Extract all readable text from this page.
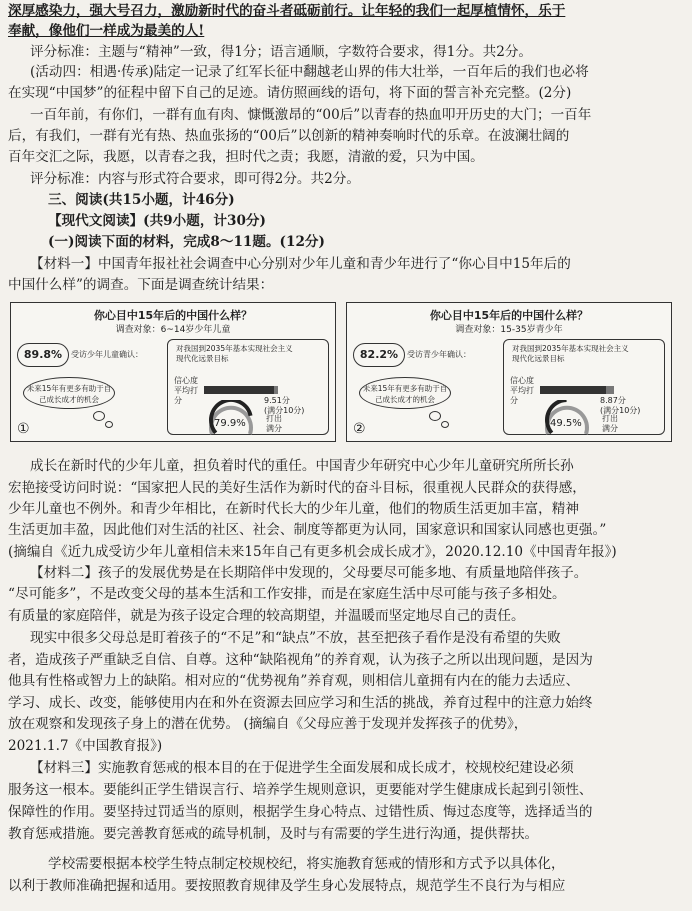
深厚感染力，强大号召力，激励新时代的奋斗者砥砺前行。让年轻的我们一起厚植情怀，乐于
奉献，像他们一样成为最美的人!
评分标准：主题与“精神”一致，得1分；语言通顺，字数符合要求，得1分。共2分。
(活动四：相遇·传承)陆定一记录了红军长征中翻越老山界的伟大壮举，一百年后的我们也必将
在实现“中国梦”的征程中留下自己的足迹。请仿照画线的语句，将下面的誓言补充完整。(2分)
一百年前，有你们，一群有血有肉、慷慨激昂的“00后”以青春的热血叩开历史的大门；一百年
后，有我们，一群有光有热、热血张扬的“00后”以创新的精神奏响时代的乐章。在波澜壮阔的
百年交汇之际，我愿，以青春之我，担时代之责；我愿，清澈的爱，只为中国。
评分标准：内容与形式符合要求，即可得2分。共2分。
三、阅读(共15小题，计46分)
【现代文阅读】(共9小题，计30分)
(一)阅读下面的材料，完成8～11题。(12分)
【材料一】中国青年报社社会调查中心分别对少年儿童和青少年进行了“你心目中15年后的
中国什么样”的调查。下面是调查统计结果：
你心目中15年后的中国什么样？
调查对象：6~14岁少年儿童
89.8%	受访少年儿童确认：
未来15年有更多有助于自己成长成才的机会
①
对我国到2035年基本实现社会主义现代化远景目标
信心度平均打分	9.51分
(满分10分)
79.9%	打出满分
你心目中15年后的中国什么样？
调查对象：15-35岁青少年
82.2%	受访青少年确认：
未来15年有更多有助于自己成长成才的机会
②
对我国到2035年基本实现社会主义现代化远景目标
信心度平均打分	8.87分
(满分10分)
49.5%	打出满分
成长在新时代的少年儿童，担负着时代的重任。中国青少年研究中心少年儿童研究所所长孙
宏艳接受访问时说：“国家把人民的美好生活作为新时代的奋斗目标，很重视人民群众的获得感，
少年儿童也不例外。和青少年相比，在新时代长大的少年儿童，他们的物质生活更加丰富，精神
生活更加丰盈，因此他们对生活的社区、社会、制度等都更为认同，国家意识和国家认同感也更强。”
(摘编自《近九成受访少年儿童相信未来15年自己有更多机会成长成才》，2020.12.10《中国青年报》)
【材料二】孩子的发展优势是在长期陪伴中发现的，父母要尽可能多地、有质量地陪伴孩子。
“尽可能多”，不是改变父母的基本生活和工作安排，而是在家庭生活中尽可能与孩子多相处。
有质量的家庭陪伴，就是为孩子设定合理的较高期望，并温暖而坚定地尽自己的责任。
现实中很多父母总是盯着孩子的“不足”和“缺点”不放，甚至把孩子看作是没有希望的失败
者，造成孩子严重缺乏自信、自尊。这种“缺陷视角”的养育观，认为孩子之所以出现问题，是因为
他具有性格或智力上的缺陷。相对应的“优势视角”养育观，则相信儿童拥有内在的能力去适应、
学习、成长、改变，能够使用内在和外在资源去回应学习和生活的挑战，养育过程中的注意力始终
放在观察和发现孩子身上的潜在优势。 (摘编自《父母应善于发现并发挥孩子的优势》，
2021.1.7《中国教育报》)
【材料三】实施教育惩戒的根本目的在于促进学生全面发展和成长成才，校规校纪建设必须
服务这一根本。要能纠正学生错误言行、培养学生规则意识，更要能对学生健康成长起到引领性、
保障性的作用。要坚持过罚适当的原则，根据学生身心特点、过错性质、悔过态度等，选择适当的
教育惩戒措施。要完善教育惩戒的疏导机制，及时与有需要的学生进行沟通，提供帮扶。
学校需要根据本校学生特点制定校规校纪，将实施教育惩戒的情形和方式予以具体化，
以利于教师准确把握和适用。要按照教育规律及学生身心发展特点，规范学生不良行为与相应
